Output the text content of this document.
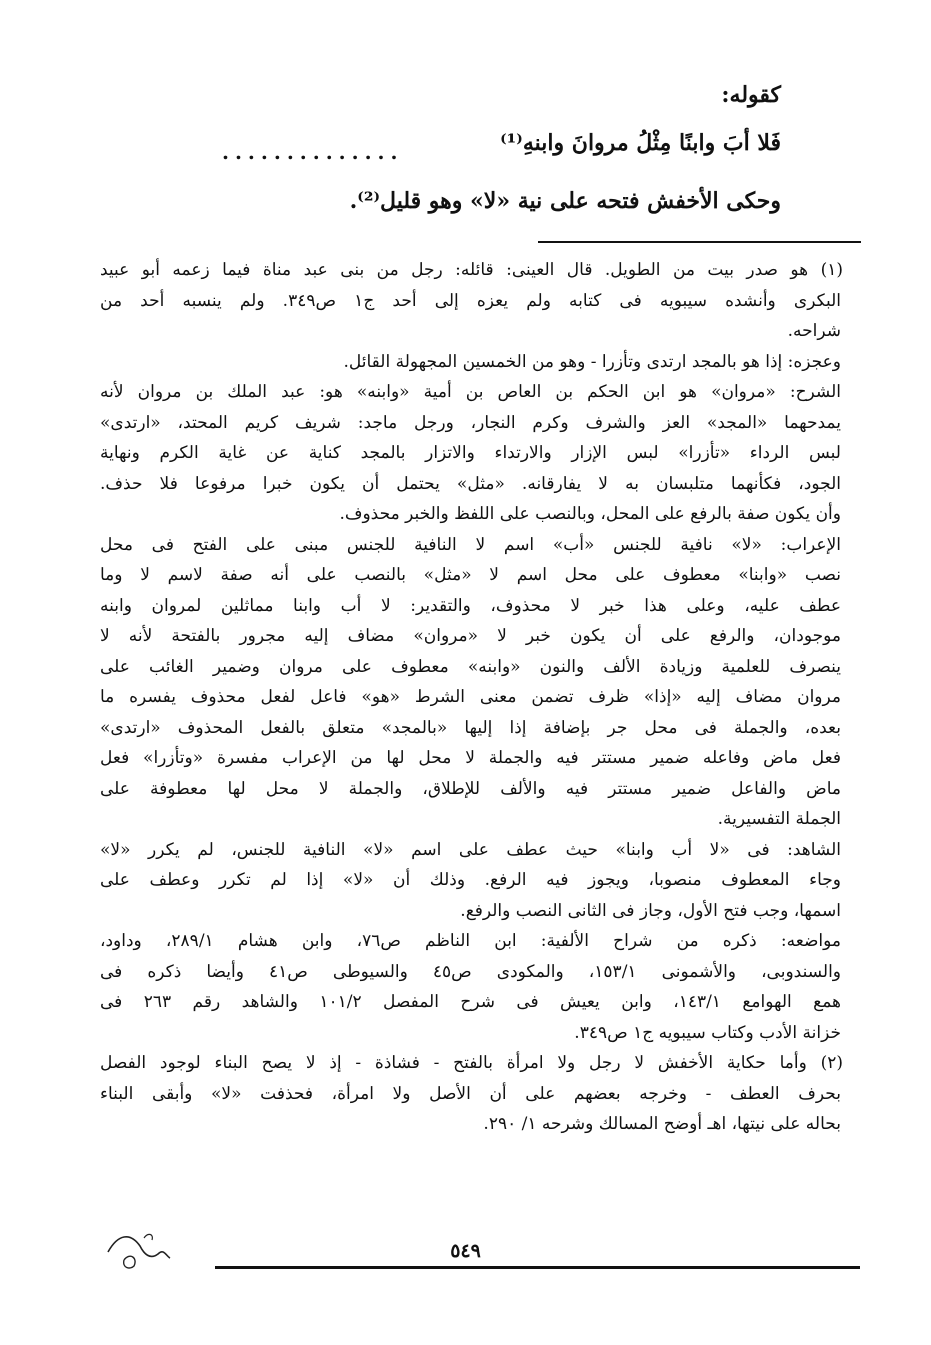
كقوله:
فَلا أبَ وابنًا مِثْلُ مروانَ وابنهِ⁽¹⁾
..............
وحكى الأخفش فتحه على نية «لا» وهو قليل⁽²⁾.
(١) هو صدر بيت من الطويل. قال العينى: قائله: رجل من بنى عبد مناة فيما زعمه أبو عبيد
البكرى وأنشده سيبويه فى كتابه ولم يعزه إلى أحد ج١ ص٣٤٩. ولم ينسبه أحد من
شراحه.
وعجزه: إذا هو بالمجد ارتدى وتأزرا - وهو من الخمسين المجهولة القائل.
الشرح: «مروان» هو ابن الحكم بن العاص بن أمية «وابنه» هو: عبد الملك بن مروان لأنه
يمدحهما «المجد» العز والشرف وكرم النجار، ورجل ماجد: شريف كريم المحتد، «ارتدى»
لبس الرداء «تأزرا» لبس الإزار والارتداء والاتزار بالمجد كناية عن غاية الكرم ونهاية
الجود، فكأنهما متلبسان به لا يفارقانه. «مثل» يحتمل أن يكون خبرا مرفوعا فلا حذف.
وأن يكون صفة بالرفع على المحل، وبالنصب على اللفظ والخبر محذوف.
الإعراب: «لا» نافية للجنس «أب» اسم لا النافية للجنس مبنى على الفتح فى محل
نصب «وابنا» معطوف على محل اسم لا «مثل» بالنصب على أنه صفة لاسم لا وما
عطف عليه، وعلى هذا خبر لا محذوف، والتقدير: لا أب وابنا مماثلين لمروان وابنه
موجودان، والرفع على أن يكون خبر لا «مروان» مضاف إليه مجرور بالفتحة لأنه لا
ينصرف للعلمية وزيادة الألف والنون «وابنه» معطوف على مروان وضمير الغائب على
مروان مضاف إليه «إذا» ظرف تضمن معنى الشرط «هو» فاعل لفعل محذوف يفسره ما
بعده، والجملة فى محل جر بإضافة إذا إليها «بالمجد» متعلق بالفعل المحذوف «ارتدى»
فعل ماض وفاعله ضمير مستتر فيه والجملة لا محل لها من الإعراب مفسرة «وتأزرا» فعل
ماض والفاعل ضمير مستتر فيه والألف للإطلاق، والجملة لا محل لها معطوفة على
الجملة التفسيرية.
الشاهد: فى «لا أب وابنا» حيث عطف على اسم «لا» النافية للجنس، لم يكرر «لا»
وجاء المعطوف منصوبا، ويجوز فيه الرفع. وذلك أن «لا» إذا لم تكرر وعطف على
اسمها، وجب فتح الأول، وجاز فى الثانى النصب والرفع.
مواضعه: ذكره من شراح الألفية: ابن الناظم ص٧٦، وابن هشام ٢٨٩/١، وداود،
والسندوبى، والأشمونى ١٥٣/١، والمكودى ص٤٥ والسيوطى ص٤١ وأيضا ذكره فى
همع الهوامع ١٤٣/١، وابن يعيش فى شرح المفصل ١٠١/٢ والشاهد رقم ٢٦٣ فى
خزانة الأدب وكتاب سيبويه ج١ ص٣٤٩.
(٢) وأما حكاية الأخفش لا رجل ولا امرأة بالفتح - فشاذة - إذ لا يصح البناء لوجود الفصل
بحرف العطف - وخرجه بعضهم على أن الأصل ولا امرأة، فحذفت «لا» وأبقى البناء
بحاله على نيتها، اهـ أوضح المسالك وشرحه ١/ ٢٩٠.
٥٤٩
